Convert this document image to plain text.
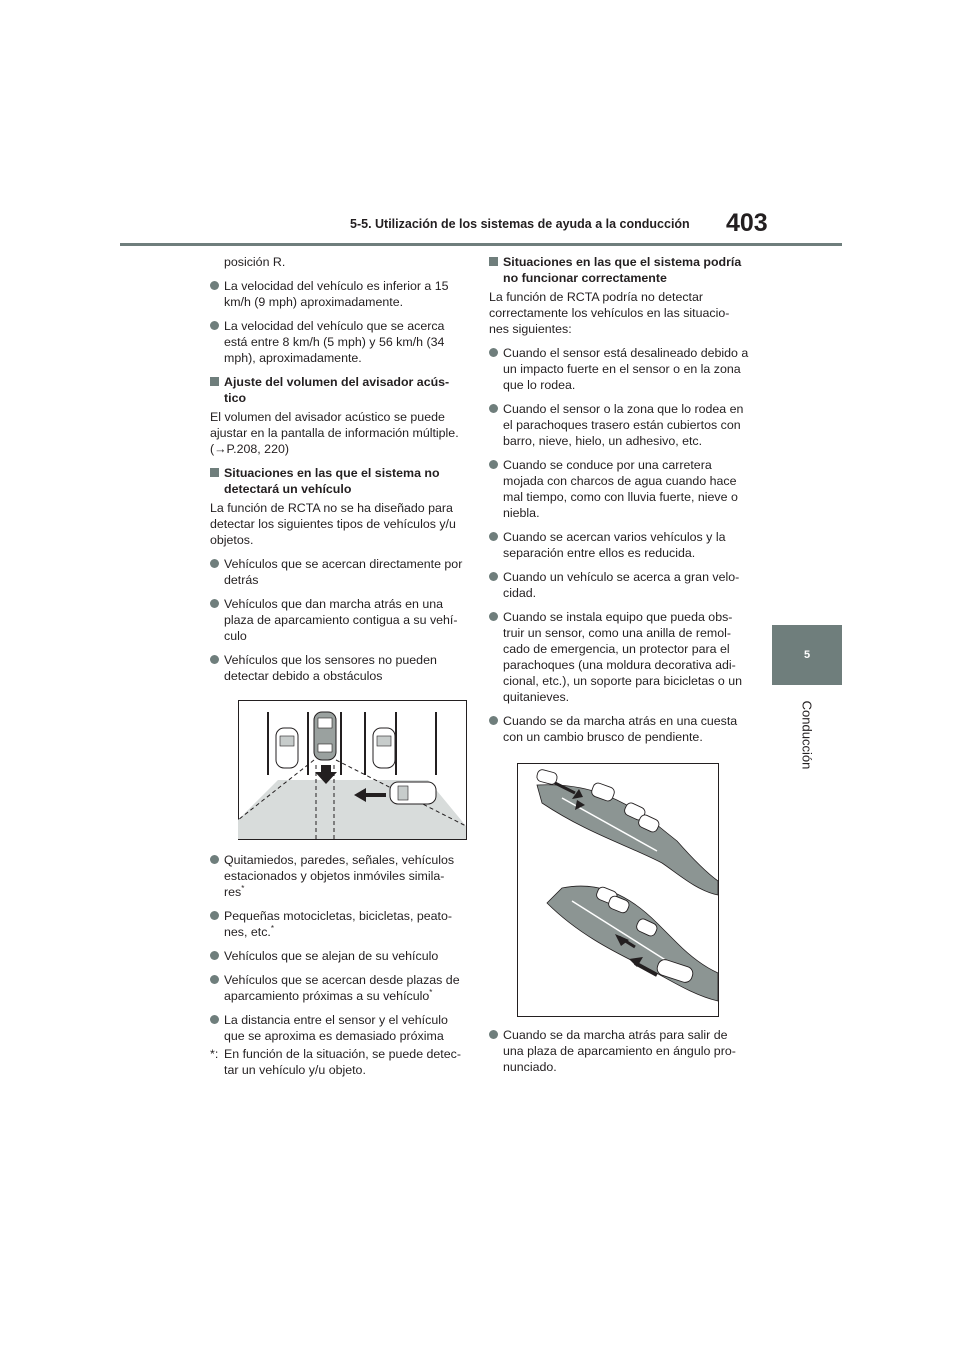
5-5. Utilización de los sistemas de ayuda a la conducción	403
5
Conducción

posición R.

La velocidad del vehículo es inferior a 15 km/h (9 mph) aproximadamente.
La velocidad del vehículo que se acerca está entre 8 km/h (5 mph) y 56 km/h (34 mph), aproximadamente.
Ajuste del volumen del avisador acús- tico

El volumen del avisador acústico se puede ajustar en la pantalla de información múltiple. (→P.208, 220)

Situaciones en las que el sistema no detectará un vehículo

La función de RCTA no se ha diseñado para detectar los siguientes tipos de vehículos y/u objetos.

Vehículos que se acercan directamente por detrás
Vehículos que dan marcha atrás en una plaza de aparcamiento contigua a su vehí- culo
Vehículos que los sensores no pueden detectar debido a obstáculos
Quitamiedos, paredes, señales, vehículos estacionados y objetos inmóviles simila- res*
Pequeñas motocicletas, bicicletas, peato- nes, etc.*
Vehículos que se alejan de su vehículo
Vehículos que se acercan desde plazas de aparcamiento próximas a su vehículo*
La distancia entre el sensor y el vehículo que se aproxima es demasiado próxima
*: En función de la situación, se puede detec- tar un vehículo y/u objeto.
Situaciones en las que el sistema podría no funcionar correctamente

La función de RCTA podría no detectar correctamente los vehículos en las situacio- nes siguientes:

Cuando el sensor está desalineado debido a un impacto fuerte en el sensor o en la zona que lo rodea.
Cuando el sensor o la zona que lo rodea en el parachoques trasero están cubiertos con barro, nieve, hielo, un adhesivo, etc.
Cuando se conduce por una carretera mojada con charcos de agua cuando hace mal tiempo, como con lluvia fuerte, nieve o niebla.
Cuando se acercan varios vehículos y la separación entre ellos es reducida.
Cuando un vehículo se acerca a gran velo- cidad.
Cuando se instala equipo que pueda obs- truir un sensor, como una anilla de remol- cado de emergencia, un protector para el parachoques (una moldura decorativa adi- cional, etc.), un soporte para bicicletas o un quitanieves.
Cuando se da marcha atrás en una cuesta con un cambio brusco de pendiente.
Cuando se da marcha atrás para salir de una plaza de aparcamiento en ángulo pro- nunciado.
